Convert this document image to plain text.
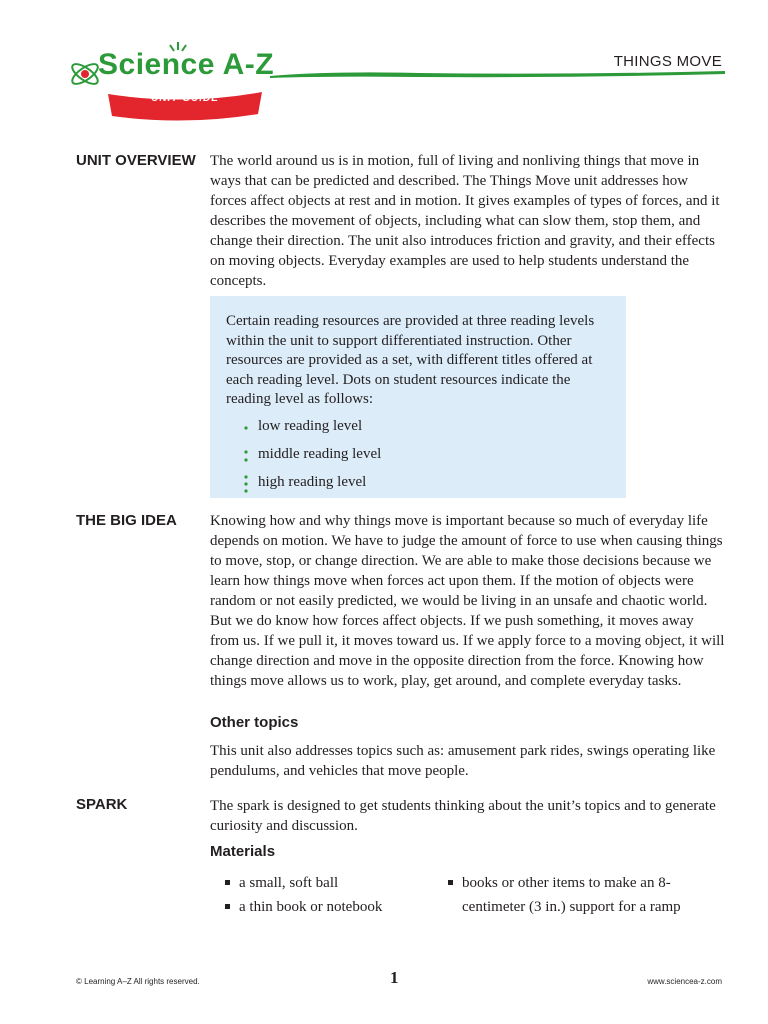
Science A-Z

UNIT GUIDE

THINGS MOVE

UNIT OVERVIEW The world around us is in motion, full of living and nonliving things that move in ways that can be predicted and described. The Things Move unit addresses how forces affect objects at rest and in motion. It gives examples of types of forces, and it describes the movement of objects, including what can slow them, stop them, and change their direction. The unit also introduces friction and gravity, and their effects on moving objects. Everyday examples are used to help students understand the concepts.

Certain reading resources are provided at three reading levels within the unit to support differentiated instruction. Other resources are provided as a set, with different titles offered at each reading level. Dots on student resources indicate the reading level as follows:

low reading level
middle reading level
high reading level
THE BIG IDEA Knowing how and why things move is important because so much of everyday life depends on motion. We have to judge the amount of force to use when causing things to move, stop, or change direction. We are able to make those decisions because we learn how things move when forces act upon them. If the motion of objects were random or not easily predicted, we would be living in an unsafe and chaotic world. But we do know how forces affect objects. If we push something, it moves away from us. If we pull it, it moves toward us. If we apply force to a moving object, it will change direction and move in the opposite direction from the force. Knowing how things move allows us to work, play, get around, and complete everyday tasks.

Other topics

This unit also addresses topics such as: amusement park rides, swings operating like pendulums, and vehicles that move people.

SPARK	The spark is designed to get students thinking about the unit’s topics and to generate curiosity and discussion.

Materials
a small, soft ball
a thin book or notebook
books or other items to make an 8-centimeter (3 in.) support for a ramp
© Learning A–Z All rights reserved.	1	www.sciencea-z.com
